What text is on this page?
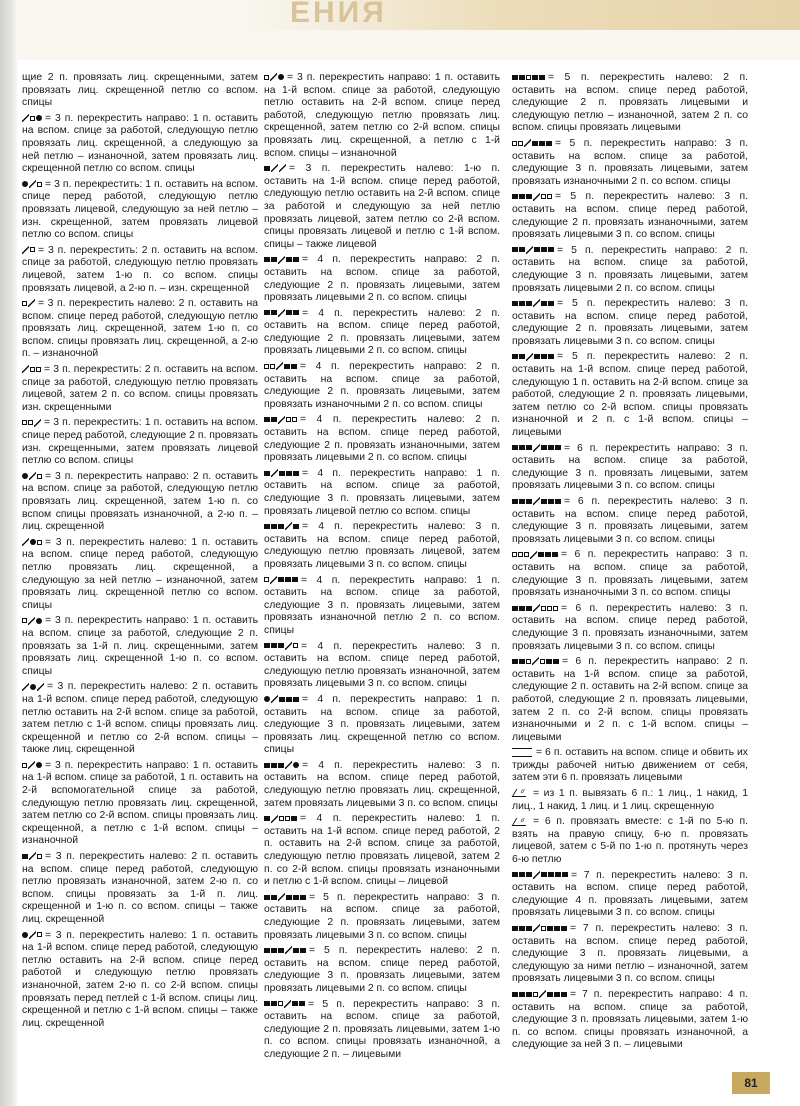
ЕНИЯ
щие 2 п. провязать лиц. скрещенными, затем провязать лиц. скрещенной петлю со вспом. спицы
= 3 п. перекрестить направо: 1 п. оставить на вспом. спице за работой, следующую петлю провязать лиц. скрещенной, а следующую за ней петлю – изнаночной, затем провязать лиц. скрещенной петлю со вспом. спицы
= 3 п. перекрестить: 1 п. оставить на вспом. спице перед работой, следующую петлю провязать лицевой, следующую за ней петлю – изн. скрещенной, затем провязать лицевой петлю со вспом. спицы
= 3 п. перекрестить: 2 п. оставить на вспом. спице за работой, следующую петлю провязать лицевой, затем 1-ю п. со вспом. спицы провязать лицевой, а 2-ю п. – изн. скрещенной
= 3 п. перекрестить налево: 2 п. оставить на вспом. спице перед работой, следующую петлю провязать лиц. скрещенной, затем 1-ю п. со вспом. спицы провязать лиц. скрещенной, а 2-ю п. – изнаночной
= 3 п. перекрестить: 2 п. оставить на вспом. спице за работой, следующую петлю провязать лицевой, затем 2 п. со вспом. спицы провязать изн. скрещенными
= 3 п. перекрестить: 1 п. оставить на вспом. спице перед работой, следующие 2 п. провязать изн. скрещенными, затем провязать лицевой петлю со вспом. спицы
= 3 п. перекрестить направо: 2 п. оставить на вспом. спице за работой, следующую петлю провязать лиц. скрещенной, затем 1-ю п. со вспом спицы провязать изнаночной, а 2-ю п. – лиц. скрещенной
= 3 п. перекрестить налево: 1 п. оставить на вспом. спице перед работой, следующую петлю провязать лиц. скрещенной, а следующую за ней петлю – изнаночной, затем провязать лиц. скрещенной петлю со вспом. спицы
= 3 п. перекрестить направо: 1 п. оставить на вспом. спице за работой, следующие 2 п. провязать за 1-й п. лиц. скрещенными, затем провязать лиц. скрещенной 1-ю п. со вспом. спицы
= 3 п. перекрестить налево: 2 п. оставить на 1-й вспом. спице перед работой, следующую петлю оставить на 2-й вспом. спице за работой, затем петлю с 1-й вспом. спицы провязать лиц. скрещенной и петлю со 2-й вспом. спицы – также лиц. скрещенной
= 3 п. перекрестить направо: 1 п. оставить на 1-й вспом. спице за работой, 1 п. оставить на 2-й вспомогательной спице за работой, следующую петлю провязать лиц. скрещенной, затем петлю со 2-й вспом. спицы провязать лиц. скрещенной, а петлю с 1-й вспом. спицы – изнаночной
= 3 п. перекрестить налево: 2 п. оставить на вспом. спице перед работой, следующую петлю провязать изнаночной, затем 2-ю п. со вспом. спицы провязать за 1-й п. лиц. скрещенной и 1-ю п. со вспом. спицы – также лиц. скрещенной
= 3 п. перекрестить налево: 1 п. оставить на 1-й вспом. спице перед работой, следующую петлю оставить на 2-й вспом. спице перед работой и следующую петлю провязать изнаночной, затем 2-ю п. со 2-й вспом. спицы провязать перед петлей с 1-й вспом. спицы лиц. скрещенной и петлю с 1-й вспом. спицы – также лиц. скрещенной
= 3 п. перекрестить направо: 1 п. оставить на 1-й вспом. спице за работой, следующую петлю оставить на 2-й вспом. спице перед работой, следующую петлю провязать лиц. скрещенной, затем петлю со 2-й вспом. спицы провязать лиц. скрещенной, а петлю с 1-й вспом. спицы – изнаночной
= 3 п. перекрестить налево: 1-ю п. оставить на 1-й вспом. спице перед работой, следующую петлю оставить на 2-й вспом. спице за работой и следующую за ней петлю провязать лицевой, затем петлю со 2-й вспом. спицы провязать лицевой и петлю с 1-й вспом. спицы – также лицевой
= 4 п. перекрестить направо: 2 п. оставить на вспом. спице за работой, следующие 2 п. провязать лицевыми, затем провязать лицевыми 2 п. со вспом. спицы
= 4 п. перекрестить налево: 2 п. оставить на вспом. спице перед работой, следующие 2 п. провязать лицевыми, затем провязать лицевыми 2 п. со вспом. спицы
= 4 п. перекрестить направо: 2 п. оставить на вспом. спице за работой, следующие 2 п. провязать лицевыми, затем провязать изнаночными 2 п. со вспом. спицы
= 4 п. перекрестить налево: 2 п. оставить на вспом. спице перед работой, следующие 2 п. провязать изнаночными, затем провязать лицевыми 2 п. со вспом. спицы
= 4 п. перекрестить направо: 1 п. оставить на вспом. спице за работой, следующие 3 п. провязать лицевыми, затем провязать лицевой петлю со вспом. спицы
= 4 п. перекрестить налево: 3 п. оставить на вспом. спице перед работой, следующую петлю провязать лицевой, затем провязать лицевыми 3 п. со вспом. спицы
= 4 п. перекрестить направо: 1 п. оставить на вспом. спице за работой, следующие 3 п. провязать лицевыми, затем провязать изнаночной петлю 2 п. со вспом. спицы
= 4 п. перекрестить налево: 3 п. оставить на вспом. спице перед работой, следующую петлю провязать изнаночной, затем провязать лицевыми 3 п. со вспом. спицы
= 4 п. перекрестить направо: 1 п. оставить на вспом. спице за работой, следующие 3 п. провязать лицевыми, затем провязать лиц. скрещенной петлю со вспом. спицы
= 4 п. перекрестить налево: 3 п. оставить на вспом. спице перед работой, следующую петлю провязать лиц. скрещенной, затем провязать лицевыми 3 п. со вспом. спицы
= 4 п. перекрестить налево: 1 п. оставить на 1-й вспом. спице перед работой, 2 п. оставить на 2-й вспом. спице за работой, следующую петлю провязать лицевой, затем 2 п. со 2-й вспом. спицы провязать изнаночными и петлю с 1-й вспом. спицы – лицевой
= 5 п. перекрестить направо: 3 п. оставить на вспом. спице за работой, следующие 2 п. провязать лицевыми, затем провязать лицевыми 3 п. со вспом. спицы
= 5 п. перекрестить налево: 2 п. оставить на вспом. спице перед работой, следующие 3 п. провязать лицевыми, затем провязать лицевыми 2 п. со вспом. спицы
= 5 п. перекрестить направо: 3 п. оставить на вспом. спице за работой, следующие 2 п. провязать лицевыми, затем 1-ю п. со вспом. спицы провязать изнаночной, а следующие 2 п. – лицевыми
= 5 п. перекрестить налево: 2 п. оставить на вспом. спице перед работой, следующие 2 п. провязать лицевыми и следующую петлю – изнаночной, затем 2 п. со вспом. спицы провязать лицевыми
= 5 п. перекрестить направо: 3 п. оставить на вспом. спице за работой, следующие 3 п. провязать лицевыми, затем провязать изнаночными 2 п. со вспом. спицы
= 5 п. перекрестить налево: 3 п. оставить на вспом. спице перед работой, следующие 2 п. провязать изнаночными, затем провязать лицевыми 3 п. со вспом. спицы
= 5 п. перекрестить направо: 2 п. оставить на вспом. спице за работой, следующие 3 п. провязать лицевыми, затем провязать лицевыми 2 п. со вспом. спицы
= 5 п. перекрестить налево: 3 п. оставить на вспом. спице перед работой, следующие 2 п. провязать лицевыми, затем провязать лицевыми 3 п. со вспом. спицы
= 5 п. перекрестить налево: 2 п. оставить на 1-й вспом. спице перед работой, следующую 1 п. оставить на 2-й вспом. спице за работой, следующие 2 п. провязать лицевыми, затем петлю со 2-й вспом. спицы провязать изнаночной и 2 п. с 1-й вспом. спицы – лицевыми
= 6 п. перекрестить направо: 3 п. оставить на вспом. спице за работой, следующие 3 п. провязать лицевыми, затем провязать лицевыми 3 п. со вспом. спицы
= 6 п. перекрестить налево: 3 п. оставить на вспом. спице перед работой, следующие 3 п. провязать лицевыми, затем провязать лицевыми 3 п. со вспом. спицы
= 6 п. перекрестить направо: 3 п. оставить на вспом. спице за работой, следующие 3 п. провязать лицевыми, затем провязать изнаночными 3 п. со вспом. спицы
= 6 п. перекрестить налево: 3 п. оставить на вспом. спице перед работой, следующие 3 п. провязать изнаночными, затем провязать лицевыми 3 п. со вспом. спицы
= 6 п. перекрестить направо: 2 п. оставить на 1-й вспом. спице за работой, следующие 2 п. оставить на 2-й вспом. спице за работой, следующие 2 п. провязать лицевыми, затем 2 п. со 2-й вспом. спицы провязать изнаночными и 2 п. с 1-й вспом. спицы – лицевыми
= 6 п. оставить на вспом. спице и обвить их трижды рабочей нитью движением от себя, затем эти 6 п. провязать лицевыми
6 = из 1 п. вывязать 6 п.: 1 лиц., 1 накид, 1 лиц., 1 накид, 1 лиц. и 1 лиц. скрещенную
6 = 6 п. провязать вместе: с 1-й по 5-ю п. взять на правую спицу, 6-ю п. провязать лицевой, затем с 5-й по 1-ю п. протянуть через 6-ю петлю
= 7 п. перекрестить налево: 3 п. оставить на вспом. спице перед работой, следующие 4 п. провязать лицевыми, затем провязать лицевыми 3 п. со вспом. спицы
= 7 п. перекрестить налево: 3 п. оставить на вспом. спице перед работой, следующие 3 п. провязать лицевыми, а следующую за ними петлю – изнаночной, затем провязать лицевыми 3 п. со вспом. спицы
= 7 п. перекрестить направо: 4 п. оставить на вспом. спице за работой, следующие 3 п. провязать лицевыми, затем 1-ю п. со вспом. спицы провязать изнаночной, а следующие за ней 3 п. – лицевыми
81
